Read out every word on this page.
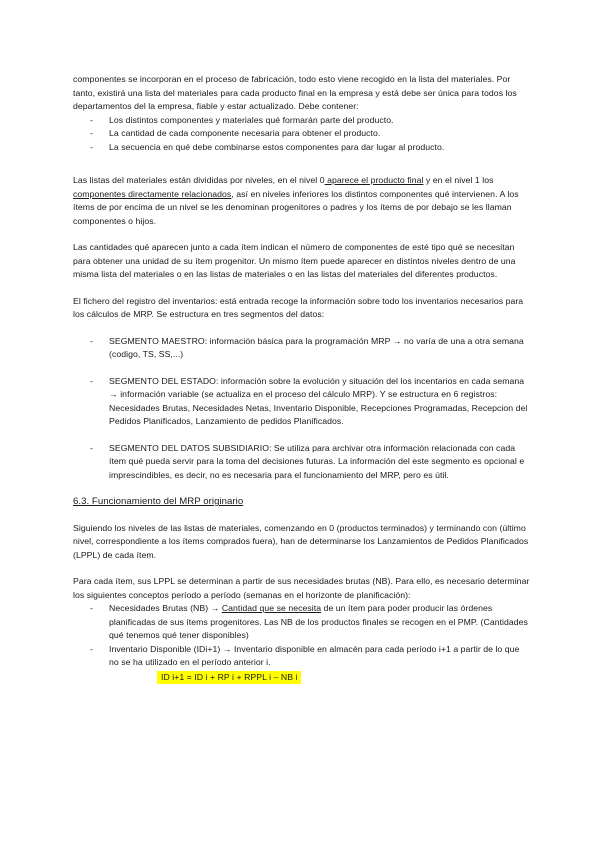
componentes se incorporan en el proceso de fabricación, todo esto viene recogido en la lista del materiales. Por tanto, existirá una lista del materiales para cada producto final en la empresa y está debe ser única para todos los departamentos del la empresa, fiable y estar actualizado. Debe contener:

- Los distintos componentes y materiales qué formarán parte del producto.
- La cantidad de cada componente necesaria para obtener el producto.
- La secuencia en qué debe combinarse estos componentes para dar lugar al producto.

Las listas del materiales están divididas por niveles, en el nivel 0 aparece el producto final y en el nivel 1 los componentes directamente relacionados, así en niveles inferiores los distintos componentes qué intervienen. A los ítems de por encima de un nivel se les denominan progenitores o padres y los ítems de por debajo se les llaman componentes o hijos.

Las cantidades qué aparecen junto a cada ítem indican el número de componentes de esté tipo qué se necesitan para obtener una unidad de su ítem progenitor. Un mismo ítem puede aparecer en distintos niveles dentro de una misma lista del materiales o en las listas de materiales o en las listas del materiales del diferentes productos.

El fichero del registro del inventarios: está entrada recoge la información sobre todo los inventarios necesarios para los cálculos de MRP. Se estructura en tres segmentos del datos:

- SEGMENTO MAESTRO: información básica para la programación MRP → no varía de una a otra semana (codigo, TS, SS,...)
- SEGMENTO DEL ESTADO: información sobre la evolución y situación del los incentarios en cada semana → información variable (se actualiza en el proceso del cálculo MRP). Y se estructura en 6 registros: Necesidades Brutas, Necesidades Netas, Inventario Disponible, Recepciones Programadas, Recepcion del Pedidos Planificados, Lanzamiento de pedidos Planificados.
- SEGMENTO DEL DATOS SUBSIDIARIO: Se utiliza para archivar otra información relacionada con cada ítem qué pueda servir para la toma del decisiones futuras. La información del este segmento es opcional e imprescindibles, es decir, no es necesaria para el funcionamiento del MRP, pero es útil.

6.3. Funcionamiento del MRP originario

Siguiendo los niveles de las listas de materiales, comenzando en 0 (productos terminados) y terminando con (último nivel, correspondiente a los ítems comprados fuera), han de determinarse los Lanzamientos de Pedidos Planificados (LPPL) de cada ítem.

Para cada ítem, sus LPPL se determinan a partir de sus necesidades brutas (NB). Para ello, es necesario determinar los siguientes conceptos período a período (semanas en el horizonte de planificación):

- Necesidades Brutas (NB) → Cantidad que se necesita de un ítem para poder producir las órdenes planificadas de sus ítems progenitores. Las NB de los productos finales se recogen en el PMP. (Cantidades qué tenemos qué tener disponibles)
- Inventario Disponible (IDi+1) → Inventario disponible en almacén para cada período i+1 a partir de lo que no se ha utilizado en el período anterior i.
ID i+1 = ID i + RP i + RPPL i – NB i
